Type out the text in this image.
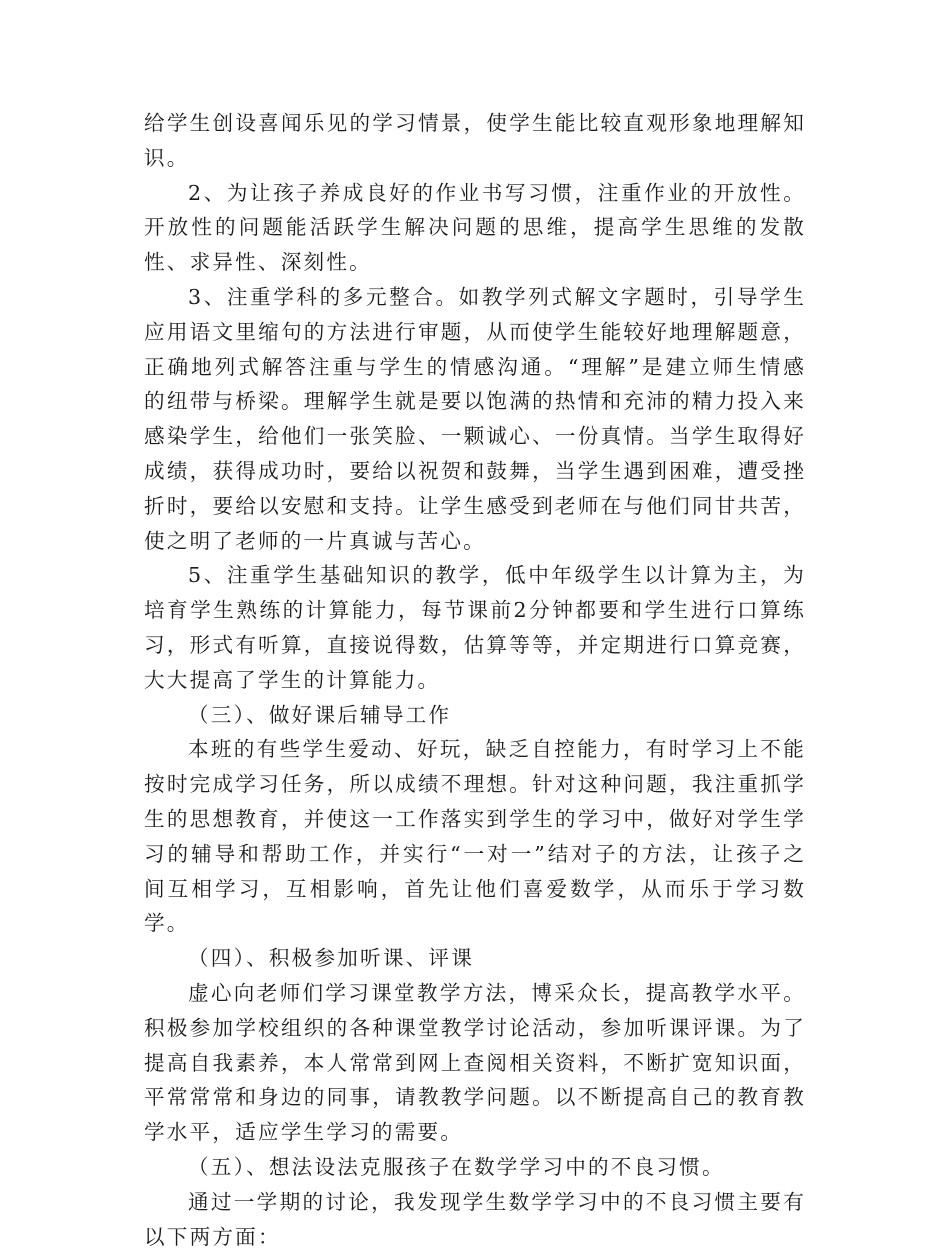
给学生创设喜闻乐见的学习情景，使学生能比较直观形象地理解知识。

2、为让孩子养成良好的作业书写习惯，注重作业的开放性。开放性的问题能活跃学生解决问题的思维，提高学生思维的发散性、求异性、深刻性。

3、注重学科的多元整合。如教学列式解文字题时，引导学生应用语文里缩句的方法进行审题，从而使学生能较好地理解题意，正确地列式解答注重与学生的情感沟通。“理解”是建立师生情感的纽带与桥梁。理解学生就是要以饱满的热情和充沛的精力投入来感染学生，给他们一张笑脸、一颗诚心、一份真情。当学生取得好成绩，获得成功时，要给以祝贺和鼓舞，当学生遇到困难，遭受挫折时，要给以安慰和支持。让学生感受到老师在与他们同甘共苦，使之明了老师的一片真诚与苦心。

5、注重学生基础知识的教学，低中年级学生以计算为主，为培育学生熟练的计算能力，每节课前2分钟都要和学生进行口算练习，形式有听算，直接说得数，估算等等，并定期进行口算竞赛，大大提高了学生的计算能力。

（三）、做好课后辅导工作

本班的有些学生爱动、好玩，缺乏自控能力，有时学习上不能按时完成学习任务，所以成绩不理想。针对这种问题，我注重抓学生的思想教育，并使这一工作落实到学生的学习中，做好对学生学习的辅导和帮助工作，并实行“一对一”结对子的方法，让孩子之间互相学习，互相影响，首先让他们喜爱数学，从而乐于学习数学。

（四）、积极参加听课、评课

虚心向老师们学习课堂教学方法，博采众长，提高教学水平。积极参加学校组织的各种课堂教学讨论活动，参加听课评课。为了提高自我素养，本人常常到网上查阅相关资料，不断扩宽知识面，平常常常和身边的同事，请教教学问题。以不断提高自己的教育教学水平，适应学生学习的需要。

（五）、想法设法克服孩子在数学学习中的不良习惯。

通过一学期的讨论，我发现学生数学学习中的不良习惯主要有以下两方面：
